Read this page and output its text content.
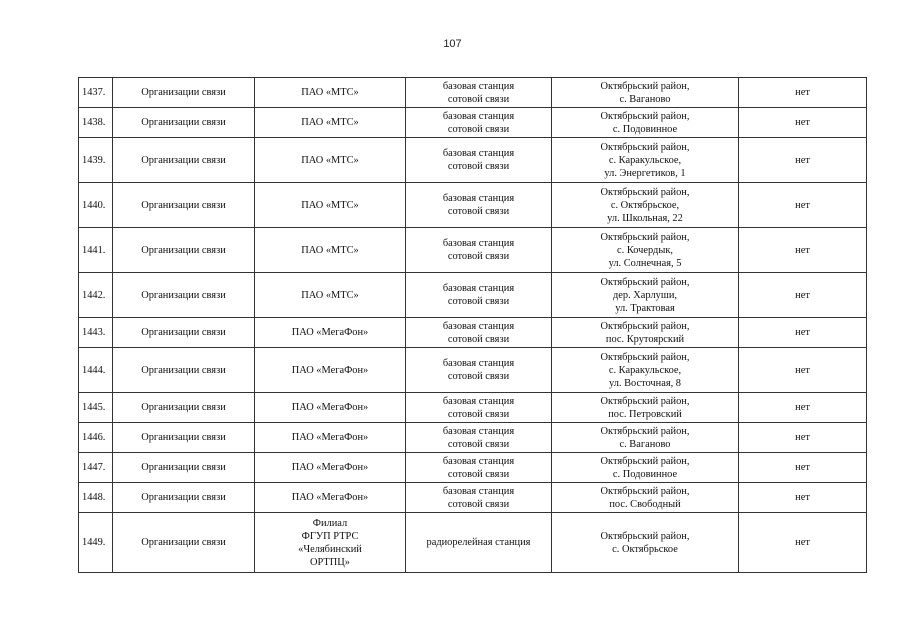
107
1437.	Организации связи	ПАО «МТС»	базовая станция
сотовой связи	Октябрьский район,
с. Ваганово	нет
1438.	Организации связи	ПАО «МТС»	базовая станция
сотовой связи	Октябрьский район,
с. Подовинное	нет
1439.	Организации связи	ПАО «МТС»	базовая станция
сотовой связи	Октябрьский район,
с. Каракульское,
ул. Энергетиков, 1	нет
1440.	Организации связи	ПАО «МТС»	базовая станция
сотовой связи	Октябрьский район,
с. Октябрьское,
ул. Школьная, 22	нет
1441.	Организации связи	ПАО «МТС»	базовая станция
сотовой связи	Октябрьский район,
с. Кочердык,
ул. Солнечная, 5	нет
1442.	Организации связи	ПАО «МТС»	базовая станция
сотовой связи	Октябрьский район,
дер. Харлуши,
ул. Трактовая	нет
1443.	Организации связи	ПАО «МегаФон»	базовая станция
сотовой связи	Октябрьский район,
пос. Крутоярский	нет
1444.	Организации связи	ПАО «МегаФон»	базовая станция
сотовой связи	Октябрьский район,
с. Каракульское,
ул. Восточная, 8	нет
1445.	Организации связи	ПАО «МегаФон»	базовая станция
сотовой связи	Октябрьский район,
пос. Петровский	нет
1446.	Организации связи	ПАО «МегаФон»	базовая станция
сотовой связи	Октябрьский район,
с. Ваганово	нет
1447.	Организации связи	ПАО «МегаФон»	базовая станция
сотовой связи	Октябрьский район,
с. Подовинное	нет
1448.	Организации связи	ПАО «МегаФон»	базовая станция
сотовой связи	Октябрьский район,
пос. Свободный	нет
1449.	Организации связи	Филиал
ФГУП РТРС
«Челябинский
ОРТПЦ»	радиорелейная станция	Октябрьский район,
с. Октябрьское	нет
